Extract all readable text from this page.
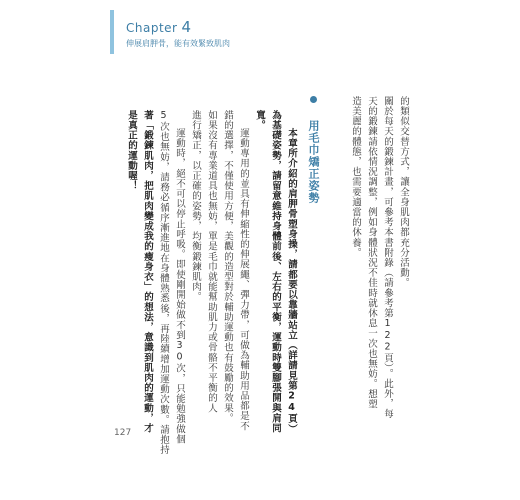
Chapter 4
伸展肩胛骨，能有效緊致肌肉
的類似交替方式，讓全身肌肉都充分活動。
關於每天的鍛鍊計畫，可參考本書附錄（請參考第122頁）。此外，每
天的鍛鍊請依情況調整，例如身體狀況不佳時就休息一次也無妨。想塑
造美麗的體態，也需要適當的休養。
用毛巾矯正姿勢
本章所介紹的肩胛骨塑身操，請都要以靠牆站立（詳請見第24頁）
為基礎姿勢，請留意維持身體前後、左右的平衡，運動時雙腳張開與肩同
寬。
運動專用的並具有伸縮性的伸展繩、彈力帶，可做為輔助用品都是不
錯的選擇，不僅使用方便，美觀的造型對於輔助運動也有鼓勵的效果。
如果沒有專業道具也無妨，單是毛巾就能幫助肌力或骨骼不平衡的人
進行矯正，以正確的姿勢，均衡鍛鍊肌肉。
運動時，絕不可以停止呼吸。即使剛開始做不到30次，只能勉強做個
5次也無妨，請務必循序漸進地在身體熟悉後，再陸續增加運動次數。請抱持
著「鍛鍊肌肉，把肌肉變成我的瘦身衣」的想法，意識到肌肉的運動，才
是真正的運動喔！
127
